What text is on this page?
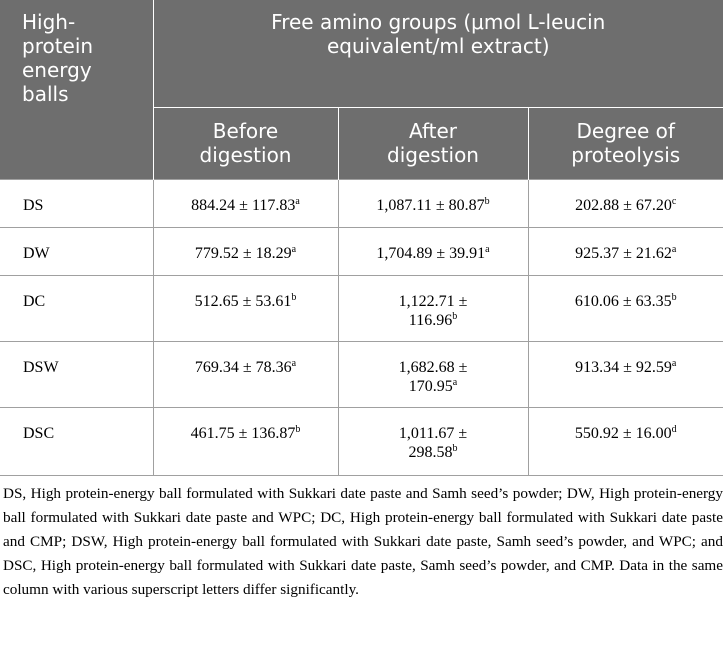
High-protein energy balls	Free amino groups (μmol L-leucin equivalent/ml extract)		

	Before digestion	After digestion	Degree of proteolysis

DS	884.24 ± 117.83$^a$	1,087.11 ± 80.87$^b$	202.88 ± 67.20$^c$
DW	779.52 ± 18.29$^a$	1,704.89 ± 39.91$^a$	925.37 ± 21.62$^a$
DC	512.65 ± 53.61$^b$	1,122.71 ± 116.96$^b$	610.06 ± 63.35$^b$
DSW	769.34 ± 78.36$^a$	1,682.68 ± 170.95$^a$	913.34 ± 92.59$^a$
DSC	461.75 ± 136.87$^b$	1,011.67 ± 298.58$^b$	550.92 ± 16.00$^d$
DS, High protein-energy ball formulated with Sukkari date paste and Samh seed’s powder; DW, High protein-energy ball formulated with Sukkari date paste and WPC; DC, High protein-energy ball formulated with Sukkari date paste and CMP; DSW, High protein-energy ball formulated with Sukkari date paste, Samh seed’s powder, and WPC; and DSC, High protein-energy ball formulated with Sukkari date paste, Samh seed’s powder, and CMP. Data in the same column with various superscript letters differ significantly.
